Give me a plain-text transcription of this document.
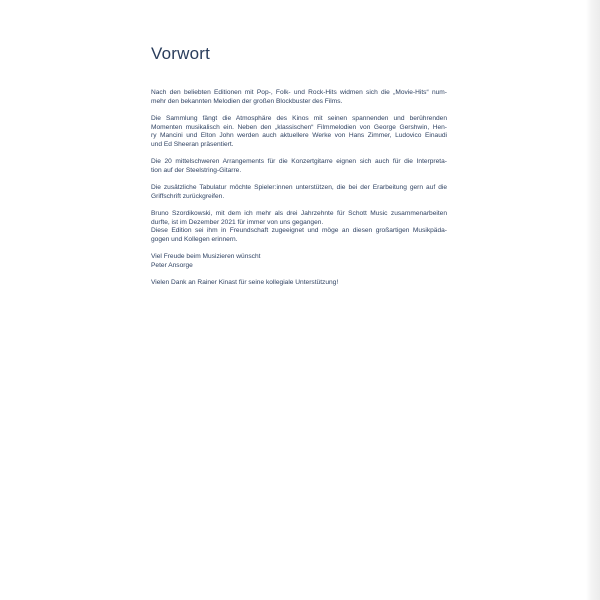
Vorwort
Nach den beliebten Editionen mit Pop-, Folk- und Rock-Hits widmen sich die „Movie-Hits“ num-
mehr den bekannten Melodien der großen Blockbuster des Films.
Die Sammlung fängt die Atmosphäre des Kinos mit seinen spannenden und berührenden
Momenten musikalisch ein. Neben den „klassischen“ Filmmelodien von George Gershwin, Hen-
ry Mancini und Elton John werden auch aktuellere Werke von Hans Zimmer, Ludovico Einaudi
und Ed Sheeran präsentiert.
Die 20 mittelschweren Arrangements für die Konzertgitarre eignen sich auch für die Interpreta-
tion auf der Steelstring-Gitarre.
Die zusätzliche Tabulatur möchte Spieler:innen unterstützen, die bei der Erarbeitung gern auf die
Griffschrift zurückgreifen.
Bruno Szordikowski, mit dem ich mehr als drei Jahrzehnte für Schott Music zusammenarbeiten
durfte, ist im Dezember 2021 für immer von uns gegangen.
Diese Edition sei ihm in Freundschaft zugeeignet und möge an diesen großartigen Musikpäda-
gogen und Kollegen erinnern.
Viel Freude beim Musizieren wünscht
Peter Ansorge
Vielen Dank an Rainer Kinast für seine kollegiale Unterstützung!
